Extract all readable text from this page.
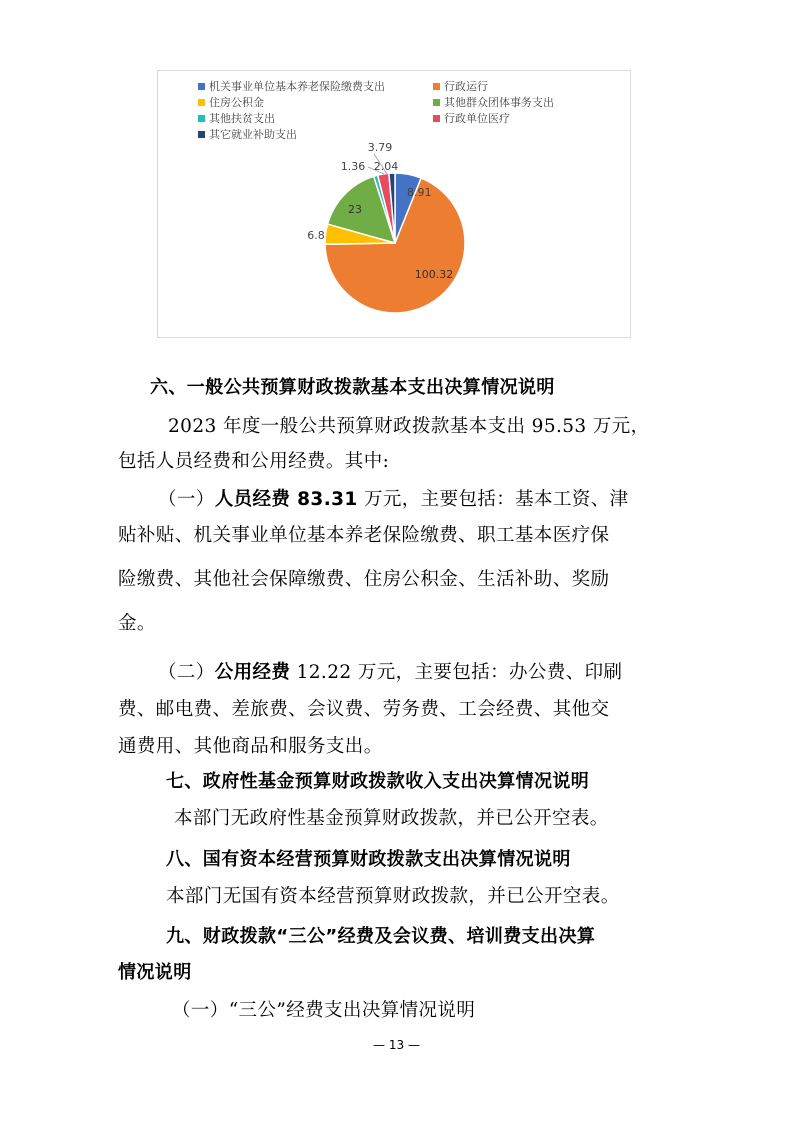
机关事业单位基本养老保险缴费支出	行政运行
住房公积金	其他群众团体事务支出
其他扶贫支出	行政单位医疗
其它就业补助支出
8.91
100.32
6.8
23
1.36
3.79
2.04
六、一般公共预算财政拨款基本支出决算情况说明
2023 年度一般公共预算财政拨款基本支出 95.53 万元，
包括人员经费和公用经费。其中:
（一）人员经费 83.31 万元，主要包括：基本工资、津
贴补贴、机关事业单位基本养老保险缴费、职工基本医疗保
险缴费、其他社会保障缴费、住房公积金、生活补助、奖励
金。
（二）公用经费 12.22 万元，主要包括：办公费、印刷
费、邮电费、差旅费、会议费、劳务费、工会经费、其他交
通费用、其他商品和服务支出。
七、政府性基金预算财政拨款收入支出决算情况说明
本部门无政府性基金预算财政拨款，并已公开空表。
八、国有资本经营预算财政拨款支出决算情况说明
本部门无国有资本经营预算财政拨款，并已公开空表。
九、财政拨款“三公”经费及会议费、培训费支出决算
情况说明
（一）“三公”经费支出决算情况说明
— 13 —
